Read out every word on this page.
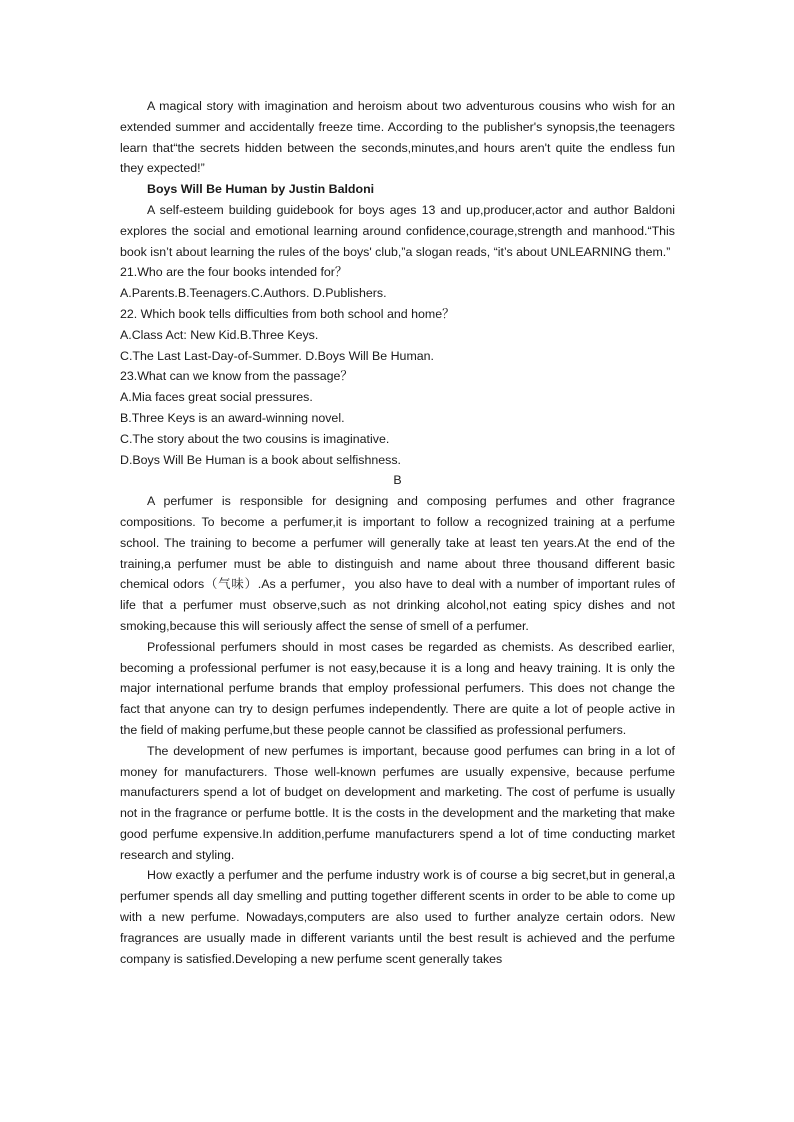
A magical story with imagination and heroism about two adventurous cousins who wish for an extended summer and accidentally freeze time. According to the publisher's synopsis,the teenagers learn that“the secrets hidden between the seconds,minutes,and hours aren't quite the endless fun they expected!”

Boys Will Be Human by Justin Baldoni

A self-esteem building guidebook for boys ages 13 and up,producer,actor and author Baldoni explores the social and emotional learning around confidence,courage,strength and manhood.“This book isn’t about learning the rules of the boys' club,”a slogan reads, “it’s about UNLEARNING them.”

21.Who are the four books intended for？

A.Parents.B.Teenagers.C.Authors. D.Publishers.

22. Which book tells difficulties from both school and home？

A.Class Act: New Kid.B.Three Keys.

C.The Last Last-Day-of-Summer. D.Boys Will Be Human.

23.What can we know from the passage？

A.Mia faces great social pressures.

B.Three Keys is an award-winning novel.

C.The story about the two cousins is imaginative.

D.Boys Will Be Human is a book about selfishness.

B

A perfumer is responsible for designing and composing perfumes and other fragrance compositions. To become a perfumer,it is important to follow a recognized training at a perfume school. The training to become a perfumer will generally take at least ten years.At the end of the training,a perfumer must be able to distinguish and name about three thousand different basic chemical odors（气味）.As a perfumer，you also have to deal with a number of important rules of life that a perfumer must observe,such as not drinking alcohol,not eating spicy dishes and not smoking,because this will seriously affect the sense of smell of a perfumer.

Professional perfumers should in most cases be regarded as chemists. As described earlier, becoming a professional perfumer is not easy,because it is a long and heavy training. It is only the major international perfume brands that employ professional perfumers. This does not change the fact that anyone can try to design perfumes independently. There are quite a lot of people active in the field of making perfume,but these people cannot be classified as professional perfumers.

The development of new perfumes is important, because good perfumes can bring in a lot of money for manufacturers. Those well-known perfumes are usually expensive, because perfume manufacturers spend a lot of budget on development and marketing. The cost of perfume is usually not in the fragrance or perfume bottle. It is the costs in the development and the marketing that make good perfume expensive.In addition,perfume manufacturers spend a lot of time conducting market research and styling.

How exactly a perfumer and the perfume industry work is of course a big secret,but in general,a perfumer spends all day smelling and putting together different scents in order to be able to come up with a new perfume. Nowadays,computers are also used to further analyze certain odors. New fragrances are usually made in different variants until the best result is achieved and the perfume company is satisfied.Developing a new perfume scent generally takes
